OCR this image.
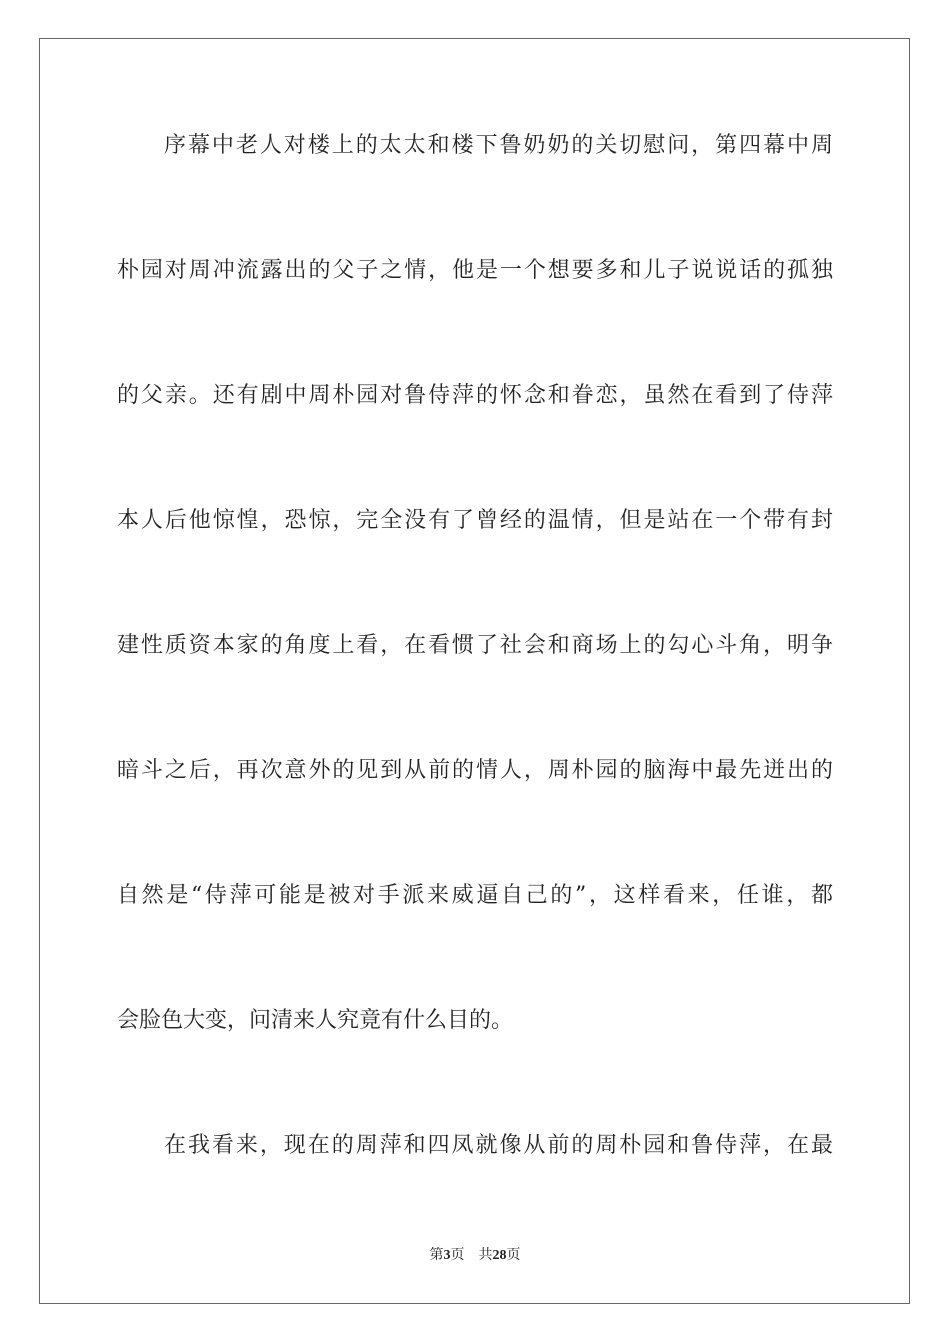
序幕中老人对楼上的太太和楼下鲁奶奶的关切慰问，第四幕中周
朴园对周冲流露出的父子之情，他是一个想要多和儿子说说话的孤独
的父亲。还有剧中周朴园对鲁侍萍的怀念和眷恋，虽然在看到了侍萍
本人后他惊惶，恐惊，完全没有了曾经的温情，但是站在一个带有封
建性质资本家的角度上看，在看惯了社会和商场上的勾心斗角，明争
暗斗之后，再次意外的见到从前的情人，周朴园的脑海中最先迸出的
自然是“侍萍可能是被对手派来威逼自己的”，这样看来，任谁，都
会脸色大变，问清来人究竟有什么目的。
在我看来，现在的周萍和四凤就像从前的周朴园和鲁侍萍，在最
第3页 共28页
